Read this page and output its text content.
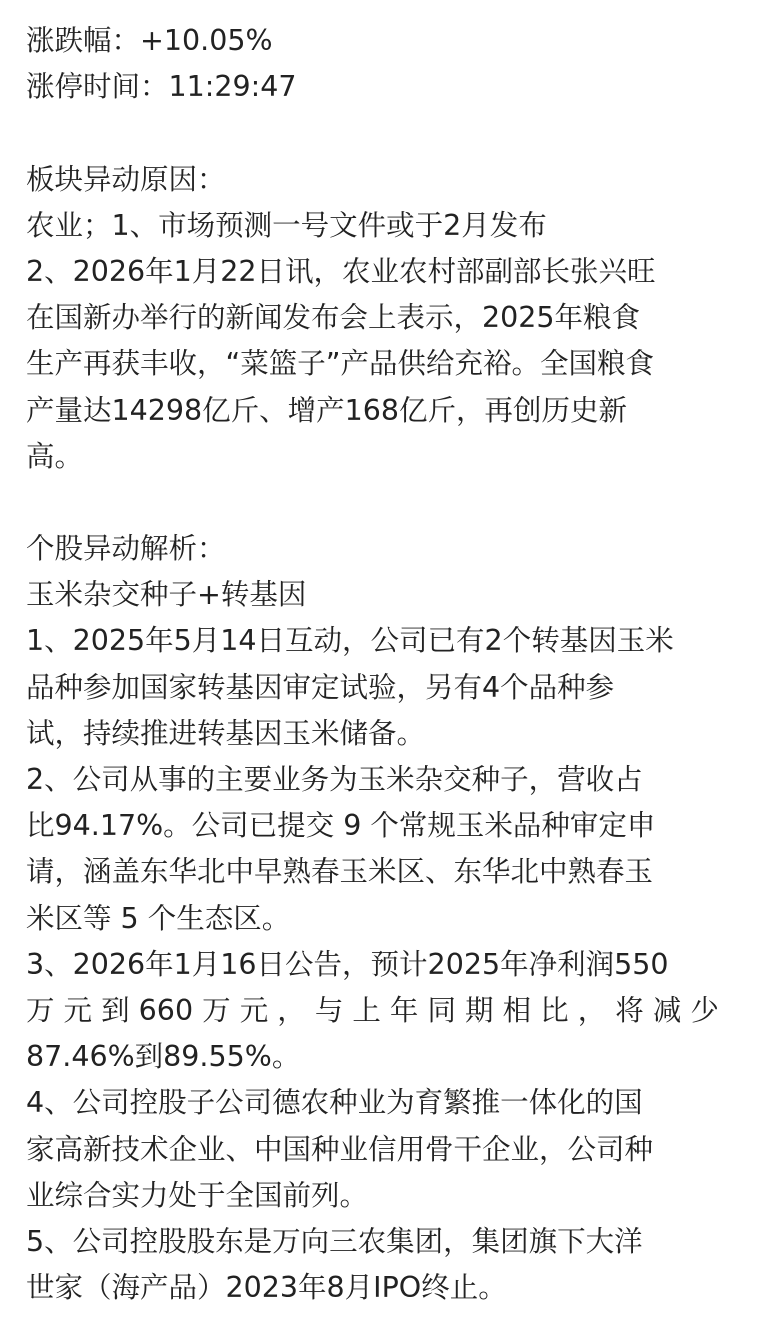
涨跌幅：+10.05%
涨停时间：11:29:47
板块异动原因：
农业；1、市场预测一号文件或于2月发布
2、2026年1月22日讯，农业农村部副部长张兴旺
在国新办举行的新闻发布会上表示，2025年粮食
生产再获丰收，“菜篮子”产品供给充裕。全国粮食
产量达14298亿斤、增产168亿斤，再创历史新
高。
个股异动解析：
玉米杂交种子+转基因
1、2025年5月14日互动，公司已有2个转基因玉米
品种参加国家转基因审定试验，另有4个品种参
试，持续推进转基因玉米储备。
2、公司从事的主要业务为玉米杂交种子，营收占
比94.17%。公司已提交 9 个常规玉米品种审定申
请，涵盖东华北中早熟春玉米区、东华北中熟春玉
米区等 5 个生态区。
3、2026年1月16日公告，预计2025年净利润550
万 元 到 660 万 元 ， 与 上 年 同 期 相 比 ， 将 减 少
87.46%到89.55%。
4、公司控股子公司德农种业为育繁推一体化的国
家高新技术企业、中国种业信用骨干企业，公司种
业综合实力处于全国前列。
5、公司控股股东是万向三农集团，集团旗下大洋
世家（海产品）2023年8月IPO终止。
